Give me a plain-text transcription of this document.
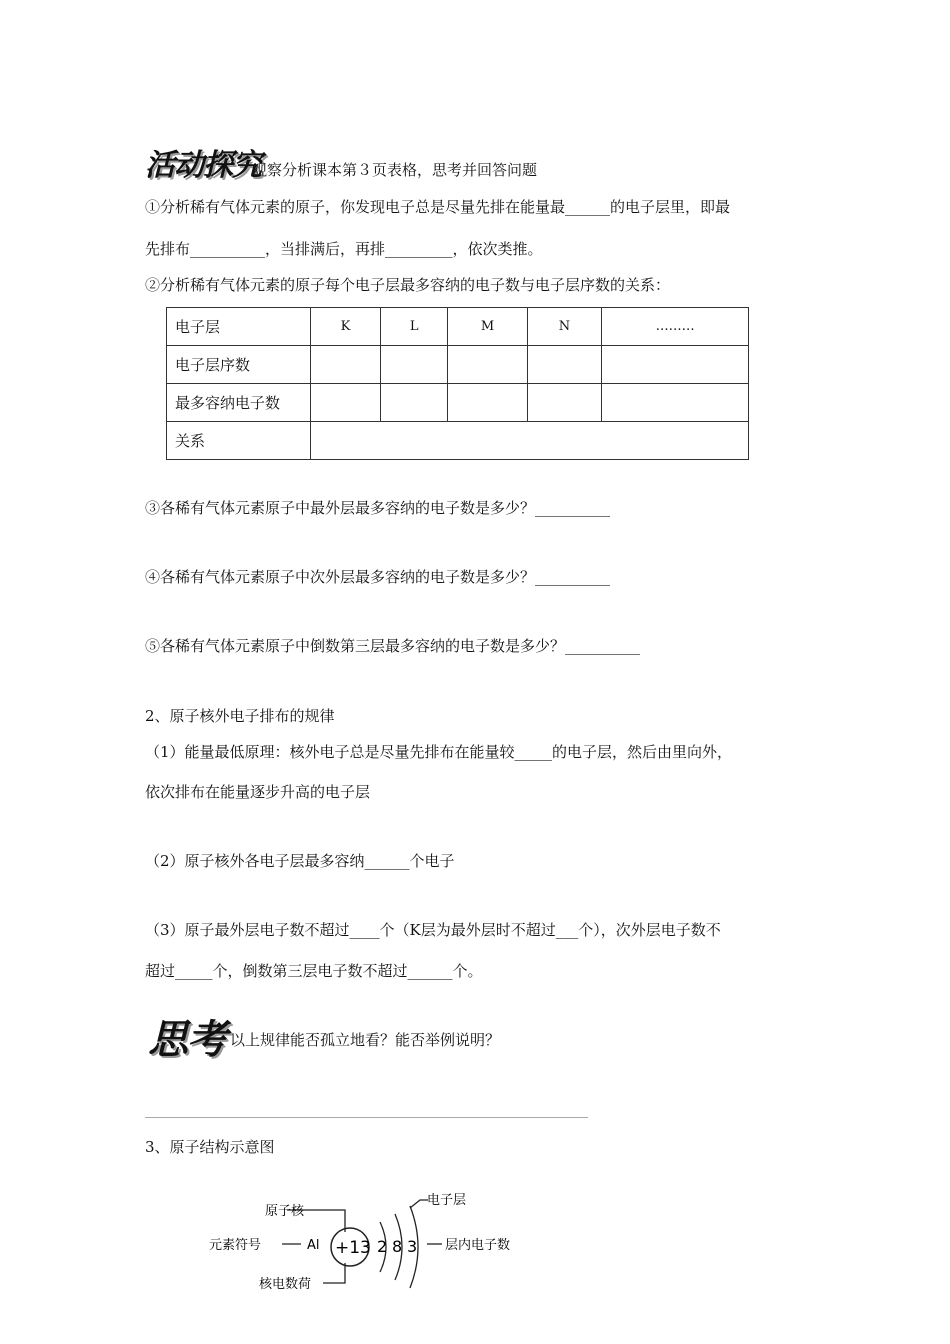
活动探究
观察分析课本第３页表格，思考并回答问题
①分析稀有气体元素的原子，你发现电子总是尽量先排在能量最______的电子层里，即最
先排布__________，当排满后，再排_________，依次类推。
②分析稀有气体元素的原子每个电子层最多容纳的电子数与电子层序数的关系：
电子层	K	L	M	N	………
电子层序数					
最多容纳电子数					
关系					
③各稀有气体元素原子中最外层最多容纳的电子数是多少？__________
④各稀有气体元素原子中次外层最多容纳的电子数是多少？__________
⑤各稀有气体元素原子中倒数第三层最多容纳的电子数是多少？__________
2、原子核外电子排布的规律
（1）能量最低原理：核外电子总是尽量先排布在能量较_____的电子层，然后由里向外，
依次排布在能量逐步升高的电子层
（2）原子核外各电子层最多容纳______个电子
（3）原子最外层电子数不超过____个（K层为最外层时不超过___个），次外层电子数不
超过_____个，倒数第三层电子数不超过______个。
思考 以上规律能否孤立地看？能否举例说明？
3、原子结构示意图
原子核
电子层
元素符号	Al +13 2 8 3 层内电子数
核电数荷
